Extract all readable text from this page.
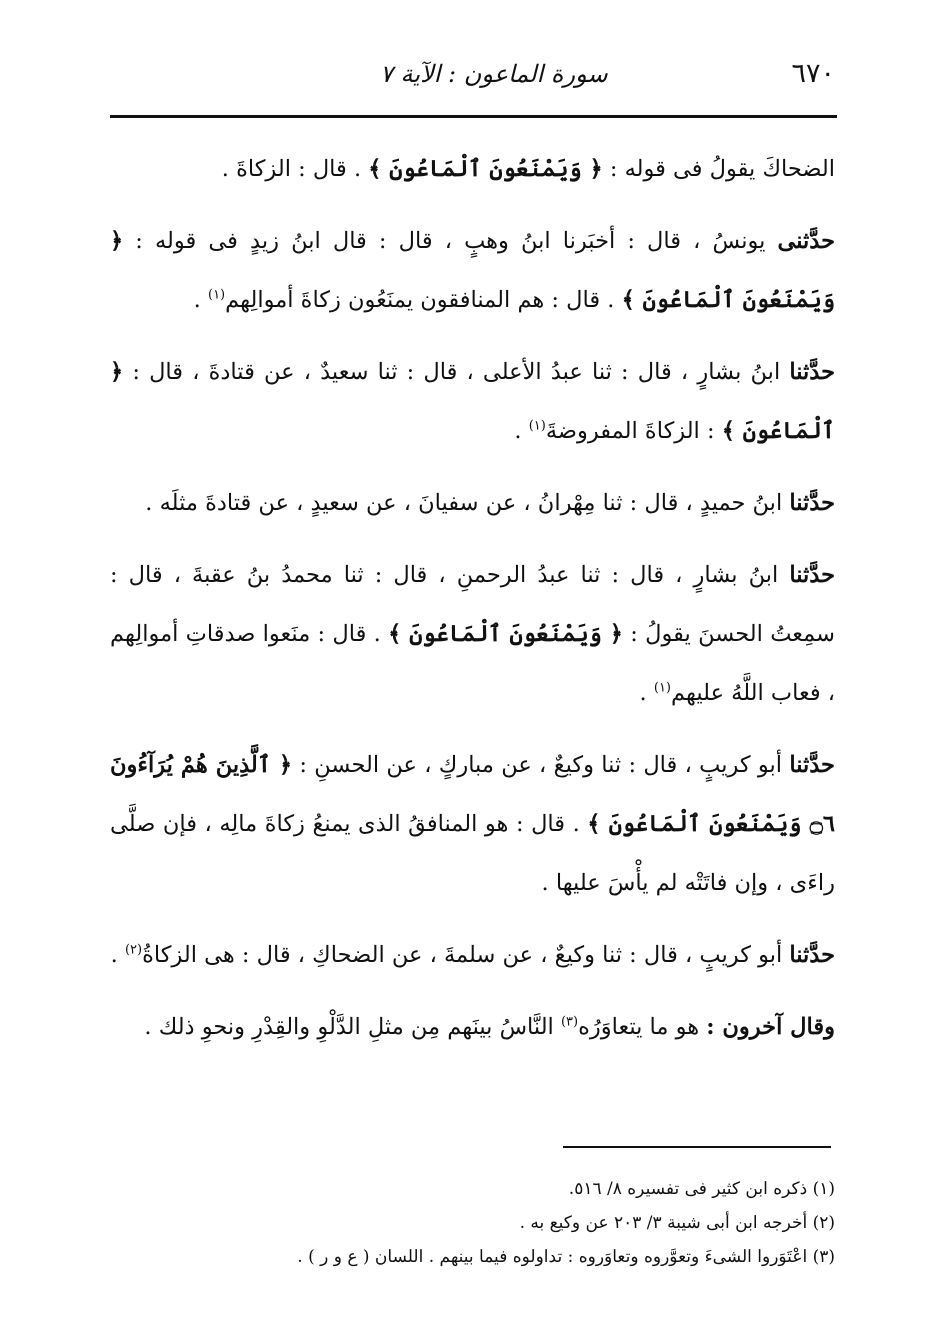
٦٧٠
سورة الماعون : الآية ٧

الضحاكَ يقولُ فى قوله : ﴿ وَيَمْنَعُونَ ٱلْمَاعُونَ ﴾ . قال : الزكاةَ .

حدَّثنى يونسُ ، قال : أخبَرنا ابنُ وهبٍ ، قال : قال ابنُ زيدٍ فى قوله : ﴿ وَيَمْنَعُونَ ٱلْمَاعُونَ ﴾ . قال : هم المنافقون يمنَعُون زكاةَ أموالِهم$^{(١)}$ .

حدَّثنا ابنُ بشارٍ ، قال : ثنا عبدُ الأعلى ، قال : ثنا سعيدٌ ، عن قتادةَ ، قال : ﴿ ٱلْمَاعُونَ ﴾ : الزكاةَ المفروضةَ$^{(١)}$ .

حدَّثنا ابنُ حميدٍ ، قال : ثنا مِهْرانُ ، عن سفيانَ ، عن سعيدٍ ، عن قتادةَ مثلَه .

حدَّثنا ابنُ بشارٍ ، قال : ثنا عبدُ الرحمنِ ، قال : ثنا محمدُ بنُ عقبةَ ، قال : سمِعتُ الحسنَ يقولُ : ﴿ وَيَمْنَعُونَ ٱلْمَاعُونَ ﴾ . قال : منَعوا صدقاتِ أموالِهم ، فعاب اللَّهُ عليهم$^{(١)}$ .

حدَّثنا أبو كريبٍ ، قال : ثنا وكيعٌ ، عن مباركٍ ، عن الحسنِ : ﴿ ٱلَّذِينَ هُمْ يُرَآءُونَ ۝٦ وَيَمْنَعُونَ ٱلْمَاعُونَ ﴾ . قال : هو المنافقُ الذى يمنعُ زكاةَ مالِه ، فإن صلَّى راءَى ، وإن فاتَتْه لم يأْسَ عليها .

حدَّثنا أبو كريبٍ ، قال : ثنا وكيعٌ ، عن سلمةَ ، عن الضحاكِ ، قال : هى الزكاةُ$^{(٢)}$ .

وقال آخرون : هو ما يتعاوَرُه$^{(٣)}$ النَّاسُ بينَهم مِن مثلِ الدَّلْوِ والقِدْرِ ونحوِ ذلك .

(١) ذكره ابن كثير فى تفسيره ٨/ ٥١٦.

(٢) أخرجه ابن أبى شيبة ٣/ ٢٠٣ عن وكيع به .

(٣) اعْتَوَروا الشىءَ وتعوَّروه وتعاوَروه : تداولوه فيما بينهم . اللسان ( ع و ر ) .
